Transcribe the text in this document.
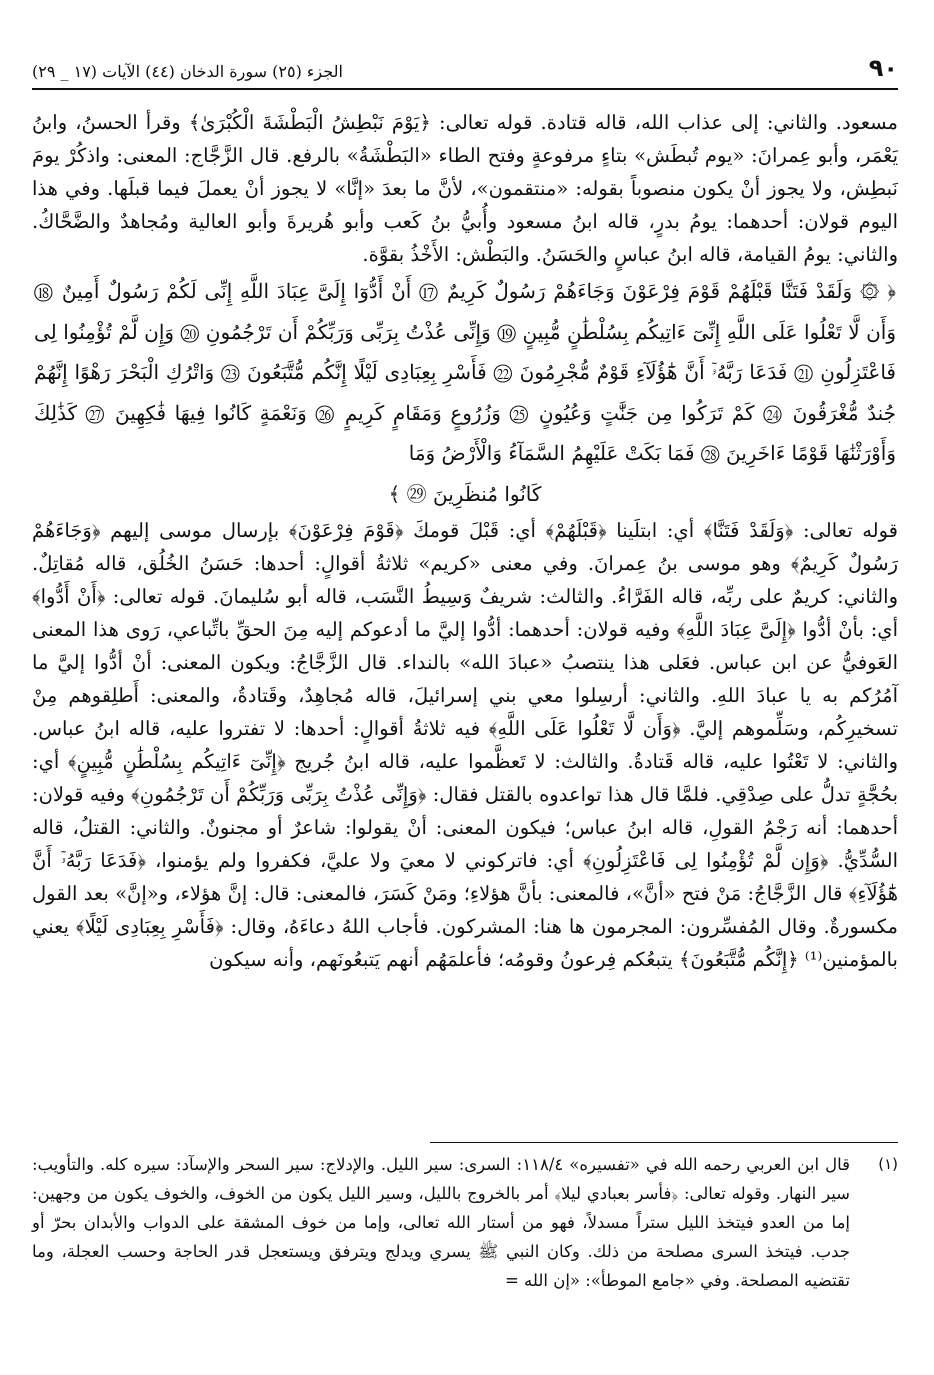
٩٠
الجزء (٢٥) سورة الدخان (٤٤) الآيات (١٧ _ ٢٩)

مسعود. والثاني: إلى عذاب الله، قاله قتادة. قوله تعالى: ﴿يَوْمَ نَبْطِشُ الْبَطْشَةَ الْكُبْرَىٰ﴾ وقرأ الحسنُ، وابنُ يَعْمَر، وأبو عِمرانَ: «يوم تُبطَش» بتاءٍ مرفوعةٍ وفتح الطاء «البَطْشَةُ» بالرفع. قال الزَّجَّاج: المعنى: واذكُرْ يومَ نَبطِش، ولا يجوز أنْ يكون منصوباً بقوله: «منتقمون»، لأنَّ ما بعدَ «إنَّا» لا يجوز أنْ يعملَ فيما قبلَها. وفي هذا اليوم قولان: أحدهما: يومُ بدرٍ، قاله ابنُ مسعود وأُبيُّ بنُ كَعب وأبو هُريرةَ وأبو العالية ومُجاهدٌ والضَّحَّاكُ. والثاني: يومُ القيامة، قاله ابنُ عباسٍ والحَسَنُ. والبَطْش: الأَخْذُ بقوَّة.

﴿ ۞ وَلَقَدْ فَتَنَّا قَبْلَهُمْ قَوْمَ فِرْعَوْنَ وَجَاءَهُمْ رَسُولٌ كَرِيمٌ ⑰ أَنْ أَدُّوٓا إِلَىَّ عِبَادَ اللَّهِ إِنِّى لَكُمْ رَسُولٌ أَمِينٌ ⑱ وَأَن لَّا تَعْلُوا عَلَى اللَّهِ إِنِّىٓ ءَاتِيكُم بِسُلْطَٰنٍ مُّبِينٍ ⑲ وَإِنِّى عُذْتُ بِرَبِّى وَرَبِّكُمْ أَن تَرْجُمُونِ ⑳ وَإِن لَّمْ تُؤْمِنُوا لِى فَاعْتَزِلُونِ ㉑ فَدَعَا رَبَّهُۥٓ أَنَّ هَٰٓؤُلَآءِ قَوْمٌ مُّجْرِمُونَ ㉒ فَأَسْرِ بِعِبَادِى لَيْلًا إِنَّكُم مُّتَّبَعُونَ ㉓ وَاتْرُكِ الْبَحْرَ رَهْوًا إِنَّهُمْ جُندٌ مُّغْرَقُونَ ㉔ كَمْ تَرَكُوا مِن جَنَّٰتٍ وَعُيُونٍ ㉕ وَزُرُوعٍ وَمَقَامٍ كَرِيمٍ ㉖ وَنَعْمَةٍ كَانُوا فِيهَا فَٰكِهِينَ ㉗ كَذَٰلِكَ وَأَوْرَثْنَٰهَا قَوْمًا ءَاخَرِينَ ㉘ فَمَا بَكَتْ عَلَيْهِمُ السَّمَآءُ وَالْأَرْضُ وَمَا

كَانُوا مُنظَرِينَ ㉙ ﴾

قوله تعالى: ﴿وَلَقَدْ فَتَنَّا﴾ أي: ابتلَينا ﴿قَبْلَهُمْ﴾ أي: قَبْلَ قومكَ ﴿قَوْمَ فِرْعَوْنَ﴾ بإرسال موسى إليهم ﴿وَجَاءَهُمْ رَسُولٌ كَرِيمٌ﴾ وهو موسى بنُ عِمرانَ. وفي معنى «كريم» ثلاثةُ أقوالٍ: أحدها: حَسَنُ الخُلُق، قاله مُقاتِلٌ. والثاني: كريمٌ على ربِّه، قاله الفَرَّاءُ. والثالث: شريفٌ وَسِيطُ النَّسَب، قاله أبو سُليمانَ. قوله تعالى: ﴿أَنْ أَدُّوا﴾ أي: بأنْ أدُّوا ﴿إِلَىَّ عِبَادَ اللَّهِ﴾ وفيه قولان: أحدهما: أدُّوا إليَّ ما أدعوكم إليه مِنَ الحقِّ باتِّباعي، رَوى هذا المعنى العَوفيُّ عن ابن عباس. فعَلى هذا ينتصبُ «عبادَ الله» بالنداء. قال الزَّجَّاجُ: ويكون المعنى: أنْ أدُّوا إليَّ ما آمُرُكم به يا عبادَ اللهِ. والثاني: أرسِلوا معي بني إسرائيلَ، قاله مُجاهِدٌ، وقَتادةُ، والمعنى: أَطلِقوهم مِنْ تسخيرِكُم، وسَلِّموهم إليَّ. ﴿وَأَن لَّا تَعْلُوا عَلَى اللَّهِ﴾ فيه ثلاثةُ أقوالٍ: أحدها: لا تفتروا عليه، قاله ابنُ عباس. والثاني: لا تَعْتُوا عليه، قاله قَتادةُ. والثالث: لا تَعظَّموا عليه، قاله ابنُ جُريج ﴿إِنِّىٓ ءَاتِيكُم بِسُلْطَٰنٍ مُّبِينٍ﴾ أي: بحُجَّةٍ تدلُّ على صِدْقِي. فلمَّا قال هذا تواعدوه بالقتل فقال: ﴿وَإِنِّى عُذْتُ بِرَبِّى وَرَبِّكُمْ أَن تَرْجُمُونِ﴾ وفيه قولان: أحدهما: أنه رَجْمُ القولِ، قاله ابنُ عباس؛ فيكون المعنى: أنْ يقولوا: شاعرٌ أو مجنونٌ. والثاني: القتلُ، قاله السُّدِّيُّ. ﴿وَإِن لَّمْ تُؤْمِنُوا لِى فَاعْتَزِلُونِ﴾ أي: فاتركوني لا معيَ ولا عليَّ، فكفروا ولم يؤمنوا، ﴿فَدَعَا رَبَّهُۥٓ أَنَّ هَٰٓؤُلَآءِ﴾ قال الزَّجَّاجُ: مَنْ فتح «أنَّ»، فالمعنى: بأنَّ هؤلاءِ؛ ومَنْ كَسَرَ، فالمعنى: قال: إنَّ هؤلاء، و«إنَّ» بعد القول مكسورةٌ. وقال المُفسِّرون: المجرمون ها هنا: المشركون. فأجاب اللهُ دعاءَهُ، وقال: ﴿فَأَسْرِ بِعِبَادِى لَيْلًا﴾ يعني بالمؤمنين⁽¹⁾ ﴿إِنَّكُم مُّتَّبَعُونَ﴾ يتبعُكم فِرعونُ وقومُه؛ فأعلمَهُم أنهم يَتبعُونَهم، وأنه سيكون

(١)
قال ابن العربي رحمه الله في «تفسيره» ١١٨/٤: السرى: سير الليل. والإدلاج: سير السحر والإسآد: سيره كله. والتأويب: سير النهار. وقوله تعالى: ﴿فأسر بعبادي ليلا﴾ أمر بالخروج بالليل، وسير الليل يكون من الخوف، والخوف يكون من وجهين: إما من العدو فيتخذ الليل ستراً مسدلاً، فهو من أستار الله تعالى، وإما من خوف المشقة على الدواب والأبدان بحرّ أو جدب. فيتخذ السرى مصلحة من ذلك. وكان النبي ﷺ يسري ويدلج ويترفق ويستعجل قدر الحاجة وحسب العجلة، وما تقتضيه المصلحة. وفي «جامع الموطأ»: «إن الله =
